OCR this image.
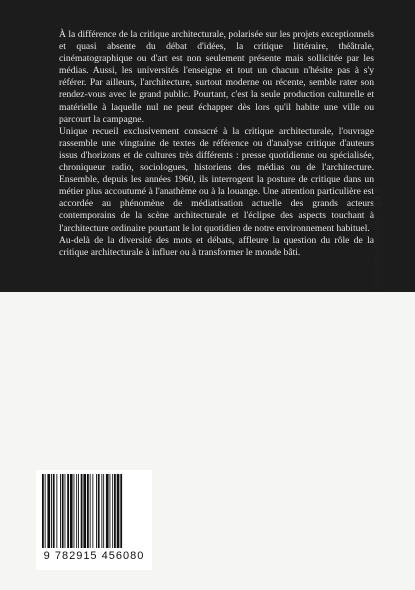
À la différence de la critique architecturale, polarisée sur les projets exceptionnels et quasi absente du débat d'idées, la critique littéraire, théâtrale, cinématographique ou d'art est non seulement présente mais sollicitée par les médias. Aussi, les universités l'enseigne et tout un chacun n'hésite pas à s'y référer. Par ailleurs, l'architecture, surtout moderne ou récente, semble rater son rendez-vous avec le grand public. Pourtant, c'est la seule production culturelle et matérielle à laquelle nul ne peut échapper dès lors qu'il habite une ville ou parcourt la campagne.

Unique recueil exclusivement consacré à la critique architecturale, l'ouvrage rassemble une vingtaine de textes de référence ou d'analyse critique d'auteurs issus d'horizons et de cultures très différents : presse quotidienne ou spécialisée, chroniqueur radio, sociologues, historiens des médias ou de l'architecture. Ensemble, depuis les années 1960, ils interrogent la posture de critique dans un métier plus accoutumé à l'anathème ou à la louange. Une attention particulière est accordée au phénomène de médiatisation actuelle des grands acteurs contemporains de la scène architecturale et l'éclipse des aspects touchant à l'architecture ordinaire pourtant le lot quotidien de notre environnement habituel.

Au-delà de la diversité des mots et débats, affleure la question du rôle de la critique architecturale à influer ou à transformer le monde bâti.	978-2-915456-08-0
14 €
9 782915 456080
